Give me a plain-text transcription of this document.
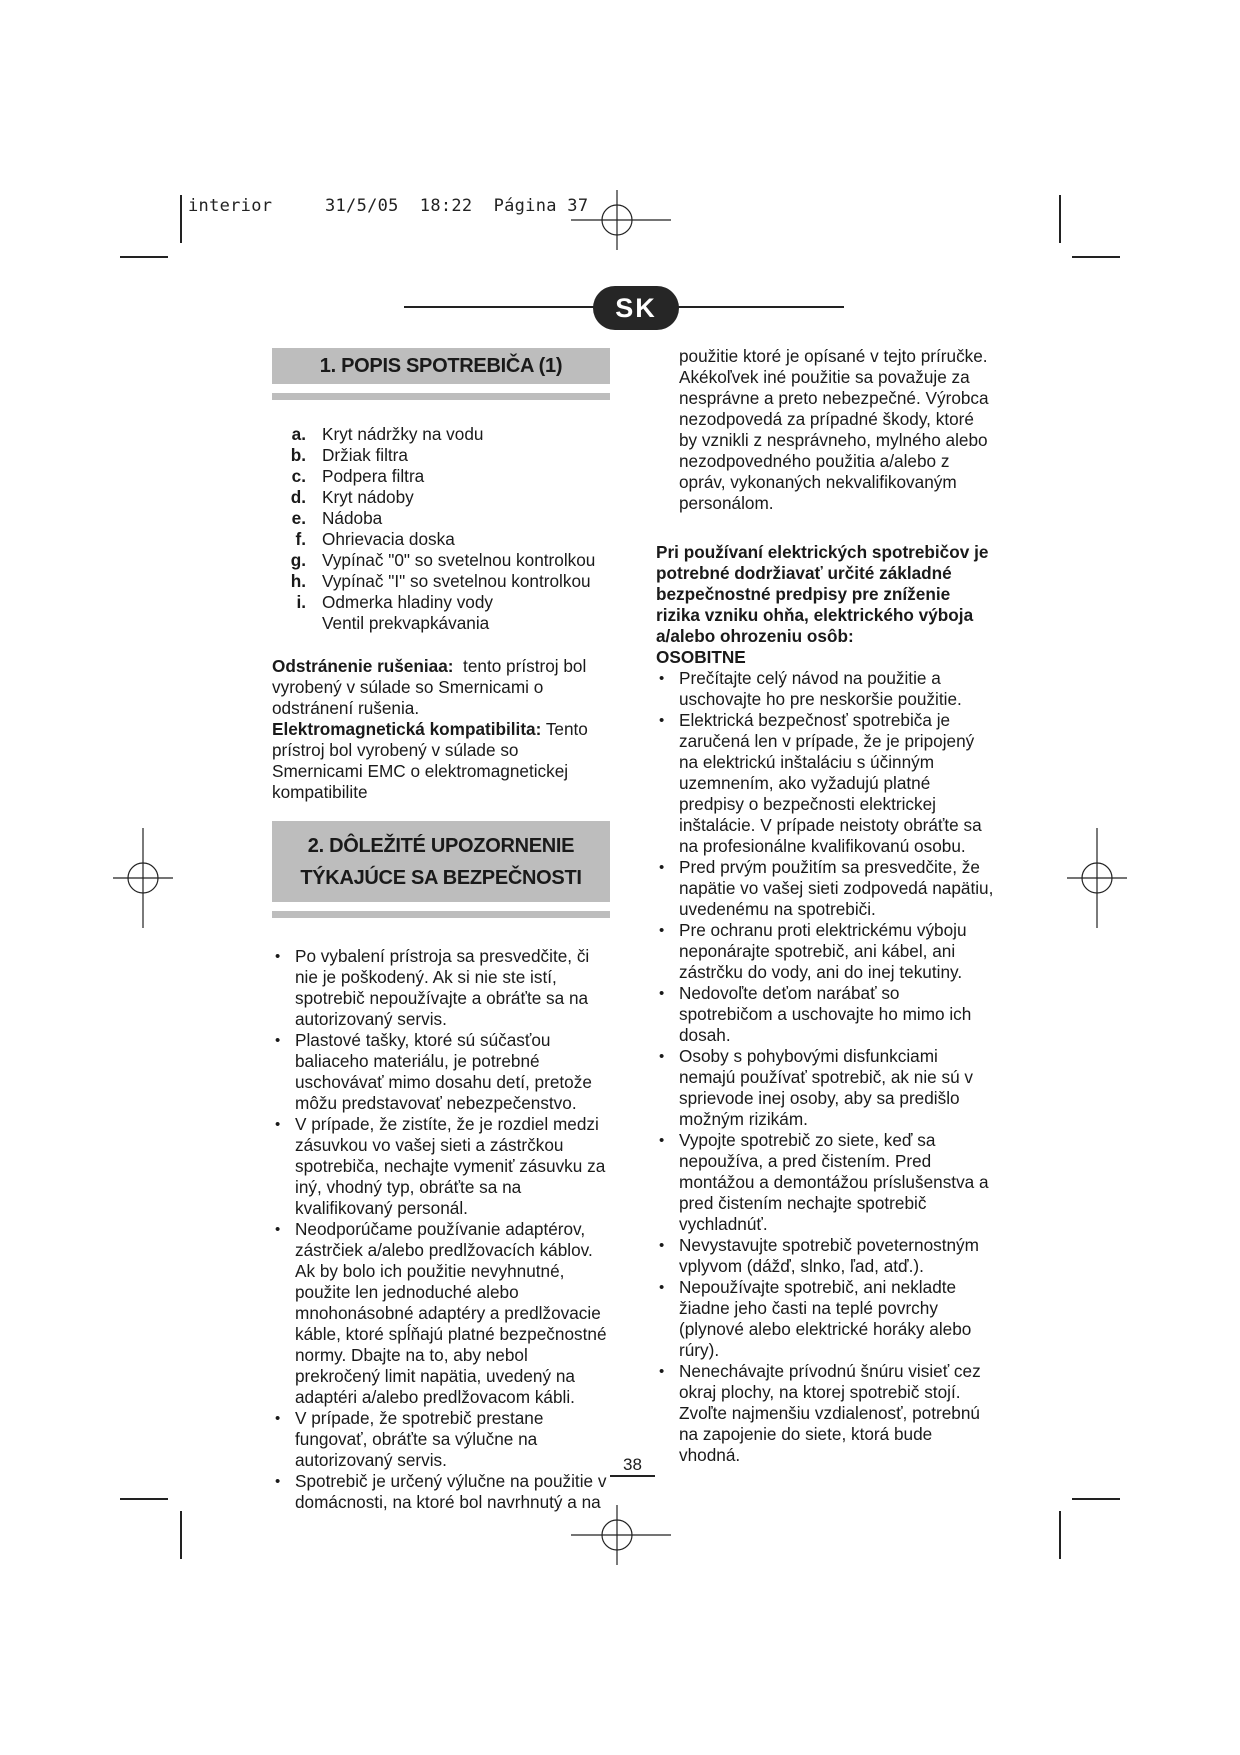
interior	31/5/05 18:22 Página 37
SK
1. POPIS SPOTREBIČA (1)
a. Kryt nádržky na vodu
b. Držiak filtra
c. Podpera filtra
d. Kryt nádoby
e. Nádoba
f. Ohrievacia doska
g. Vypínač "0" so svetelnou kontrolkou
h. Vypínač "I" so svetelnou kontrolkou
i. Odmerka hladiny vody
Ventil prekvapkávania

Odstránenie rušeniaa: tento prístroj bol vyrobený v súlade so Smernicami o odstránení rušenia.

Elektromagnetická kompatibilita: Tento prístroj bol vyrobený v súlade so Smernicami EMC o elektromagnetickej kompatibilite

2. DÔLEŽITÉ UPOZORNENIE
TÝKAJÚCE SA BEZPEČNOSTI
• Po vybalení prístroja sa presvedčite, či nie je poškodený. Ak si nie ste istí, spotrebič nepoužívajte a obráťte sa na autorizovaný servis.
• Plastové tašky, ktoré sú súčasťou baliaceho materiálu, je potrebné uschovávať mimo dosahu detí, pretože môžu predstavovať nebezpečenstvo.
• V prípade, že zistíte, že je rozdiel medzi zásuvkou vo vašej sieti a zástrčkou spotrebiča, nechajte vymeniť zásuvku za iný, vhodný typ, obráťte sa na kvalifikovaný personál.
• Neodporúčame používanie adaptérov, zástrčiek a/alebo predlžovacích káblov. Ak by bolo ich použitie nevyhnutné, použite len jednoduché alebo mnohonásobné adaptéry a predlžovacie káble, ktoré spĺňajú platné bezpečnostné normy. Dbajte na to, aby nebol prekročený limit napätia, uvedený na adaptéri a/alebo predlžovacom kábli.
• V prípade, že spotrebič prestane fungovať, obráťte sa výlučne na autorizovaný servis.
• Spotrebič je určený výlučne na použitie v domácnosti, na ktoré bol navrhnutý a na

použitie ktoré je opísané v tejto príručke. Akékoľvek iné použitie sa považuje za nesprávne a preto nebezpečné. Výrobca nezodpovedá za prípadné škody, ktoré by vznikli z nesprávneho, mylného alebo nezodpovedného použitia a/alebo z opráv, vykonaných nekvalifikovaným personálom.

Pri používaní elektrických spotrebičov je potrebné dodržiavať určité základné bezpečnostné predpisy pre zníženie rizika vzniku ohňa, elektrického výboja a/alebo ohrozeniu osôb:

OSOBITNE

• Prečítajte celý návod na použitie a uschovajte ho pre neskoršie použitie.
• Elektrická bezpečnosť spotrebiča je zaručená len v prípade, že je pripojený na elektrickú inštaláciu s účinným uzemnením, ako vyžadujú platné predpisy o bezpečnosti elektrickej inštalácie. V prípade neistoty obráťte sa na profesionálne kvalifikovanú osobu.
• Pred prvým použitím sa presvedčite, že napätie vo vašej sieti zodpovedá napätiu, uvedenému na spotrebiči.
• Pre ochranu proti elektrickému výboju neponárajte spotrebič, ani kábel, ani zástrčku do vody, ani do inej tekutiny.
• Nedovoľte deťom narábať so spotrebičom a uschovajte ho mimo ich dosah.
• Osoby s pohybovými disfunkciami nemajú používať spotrebič, ak nie sú v sprievode inej osoby, aby sa predišlo možným rizikám.
• Vypojte spotrebič zo siete, keď sa nepoužíva, a pred čistením. Pred montážou a demontážou príslušenstva a pred čistením nechajte spotrebič vychladnúť.
• Nevystavujte spotrebič poveternostným vplyvom (dážď, slnko, ľad, atď.).
• Nepoužívajte spotrebič, ani nekladte žiadne jeho časti na teplé povrchy (plynové alebo elektrické horáky alebo rúry).
• Nenechávajte prívodnú šnúru visieť cez okraj plochy, na ktorej spotrebič stojí. Zvoľte najmenšiu vzdialenosť, potrebnú na zapojenie do siete, ktorá bude vhodná.
38
